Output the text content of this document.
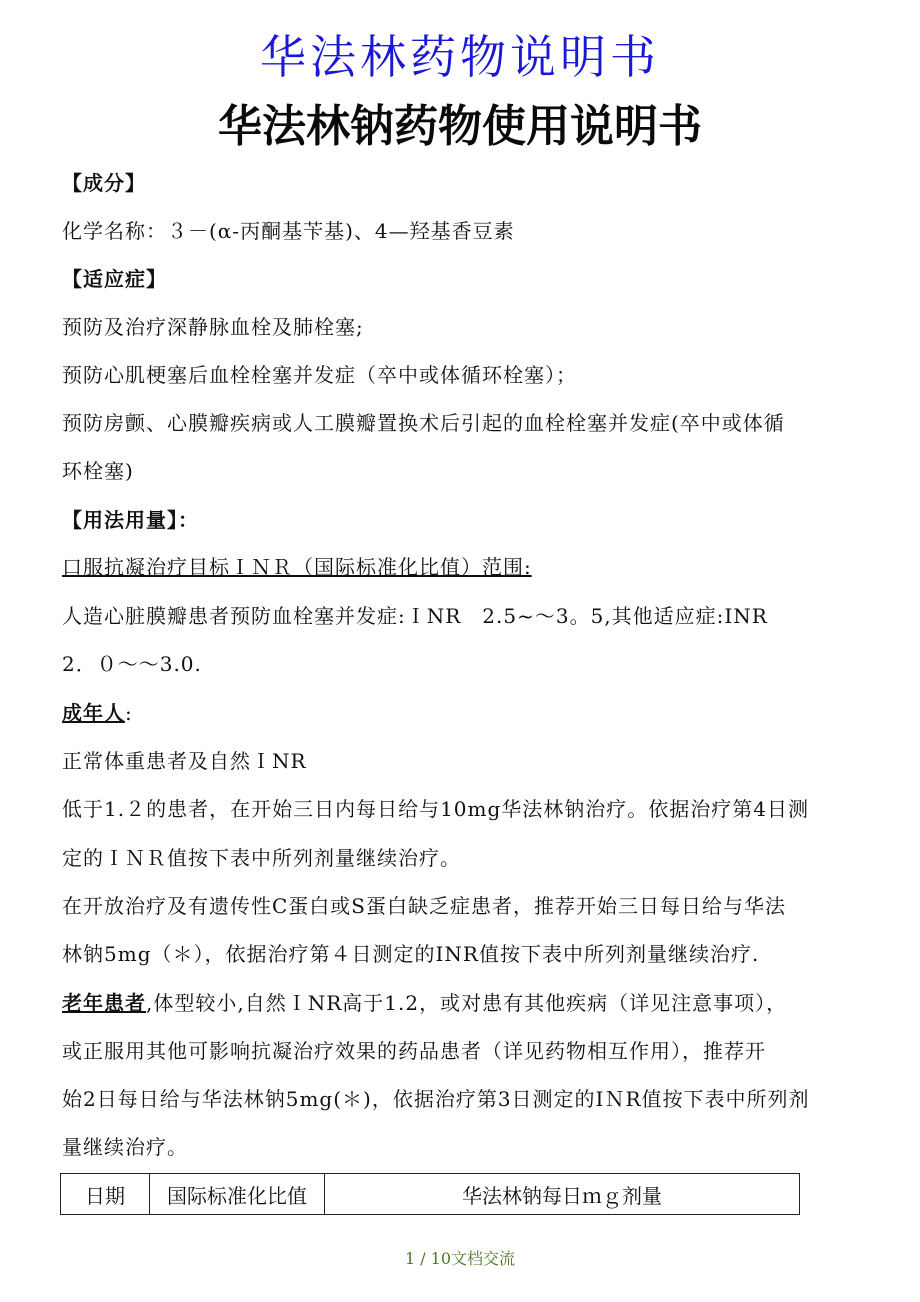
华法林药物说明书
华法林钠药物使用说明书
【成分】
化学名称：３－(α-丙酮基苄基)、4—羟基香豆素
【适应症】
预防及治疗深静脉血栓及肺栓塞;
预防心肌梗塞后血栓栓塞并发症（卒中或体循环栓塞）；
预防房颤、心膜瓣疾病或人工膜瓣置换术后引起的血栓栓塞并发症(卒中或体循
环栓塞)
【用法用量】：
口服抗凝治疗目标ＩＮＲ（国际标准化比值）范围:
人造心脏膜瓣患者预防血栓塞并发症:ＩNR　2.5~～3。5,其他适应症:INR
2．０～～3.0.
成年人:
正常体重患者及自然ＩNR
低于1.２的患者，在开始三日内每日给与10mg华法林钠治疗。依据治疗第4日测
定的ＩＮＲ值按下表中所列剂量继续治疗。
在开放治疗及有遗传性C蛋白或S蛋白缺乏症患者，推荐开始三日每日给与华法
林钠5mg（＊），依据治疗第４日测定的INR值按下表中所列剂量继续治疗.
老年患者,体型较小,自然ＩNR高于1.2，或对患有其他疾病（详见注意事项），
或正服用其他可影响抗凝治疗效果的药品患者（详见药物相互作用），推荐开
始2日每日给与华法林钠5mg(＊)，依据治疗第3日测定的IＮR值按下表中所列剂
量继续治疗。
日期	国际标准化比值	华法林钠每日ｍｇ剂量
1 / 10文档交流
